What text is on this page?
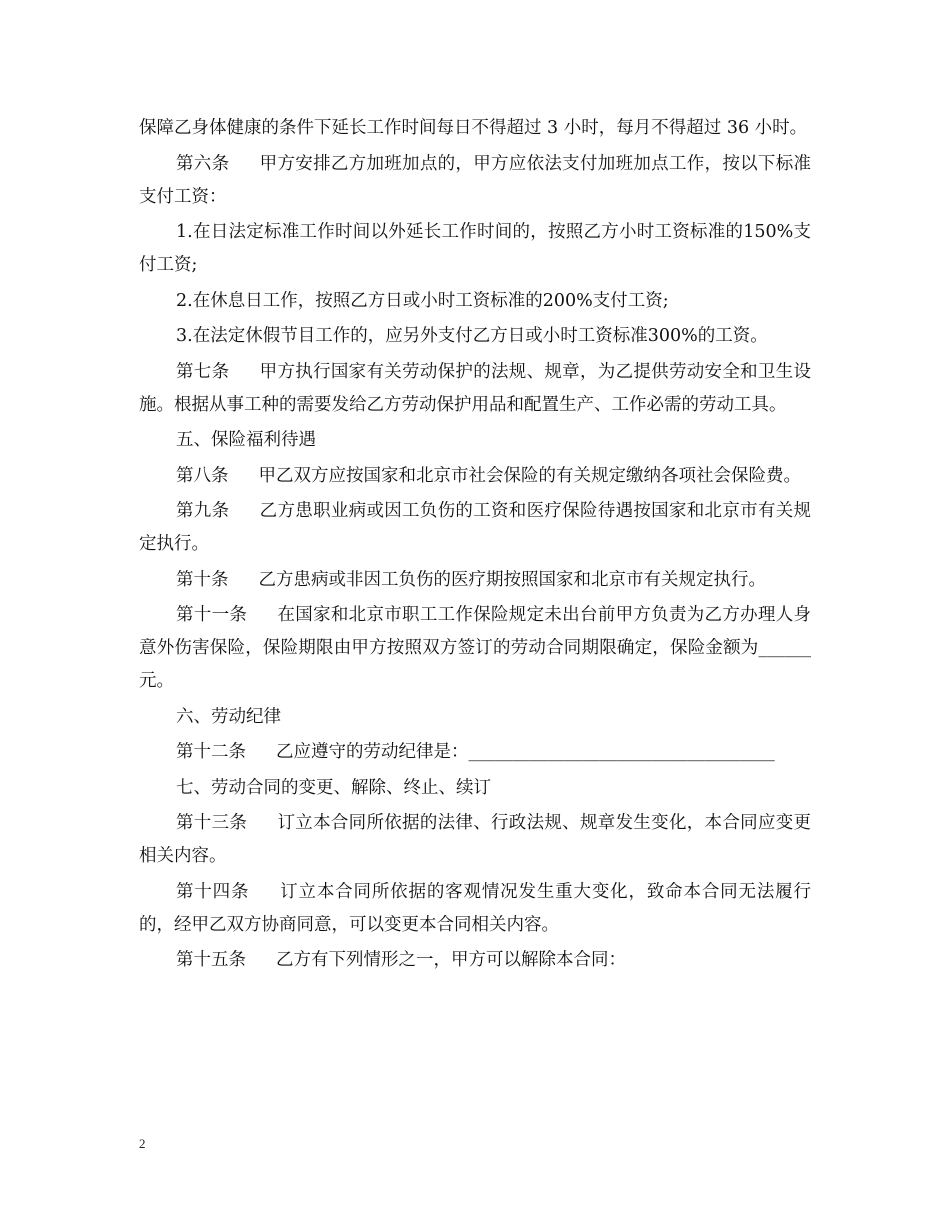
保障乙身体健康的条件下延长工作时间每日不得超过 3 小时，每月不得超过 36 小时。

第六条 甲方安排乙方加班加点的，甲方应依法支付加班加点工作，按以下标准支付工资：

1.在日法定标准工作时间以外延长工作时间的，按照乙方小时工资标准的150%支付工资;

2.在休息日工作，按照乙方日或小时工资标准的200%支付工资;

3.在法定休假节目工作的，应另外支付乙方日或小时工资标准300%的工资。

第七条 甲方执行国家有关劳动保护的法规、规章，为乙提供劳动安全和卫生设施。根据从事工种的需要发给乙方劳动保护用品和配置生产、工作必需的劳动工具。

五、保险福利待遇

第八条 甲乙双方应按国家和北京市社会保险的有关规定缴纳各项社会保险费。

第九条 乙方患职业病或因工负伤的工资和医疗保险待遇按国家和北京市有关规定执行。

第十条 乙方患病或非因工负伤的医疗期按照国家和北京市有关规定执行。

第十一条 在国家和北京市职工工作保险规定未出台前甲方负责为乙方办理人身意外伤害保险，保险期限由甲方按照双方签订的劳动合同期限确定，保险金额为______元。

六、劳动纪律

第十二条 乙应遵守的劳动纪律是：___________________________________

七、劳动合同的变更、解除、终止、续订

第十三条 订立本合同所依据的法律、行政法规、规章发生变化，本合同应变更相关内容。

第十四条 订立本合同所依据的客观情况发生重大变化，致命本合同无法履行的，经甲乙双方协商同意，可以变更本合同相关内容。

第十五条 乙方有下列情形之一，甲方可以解除本合同：

2
